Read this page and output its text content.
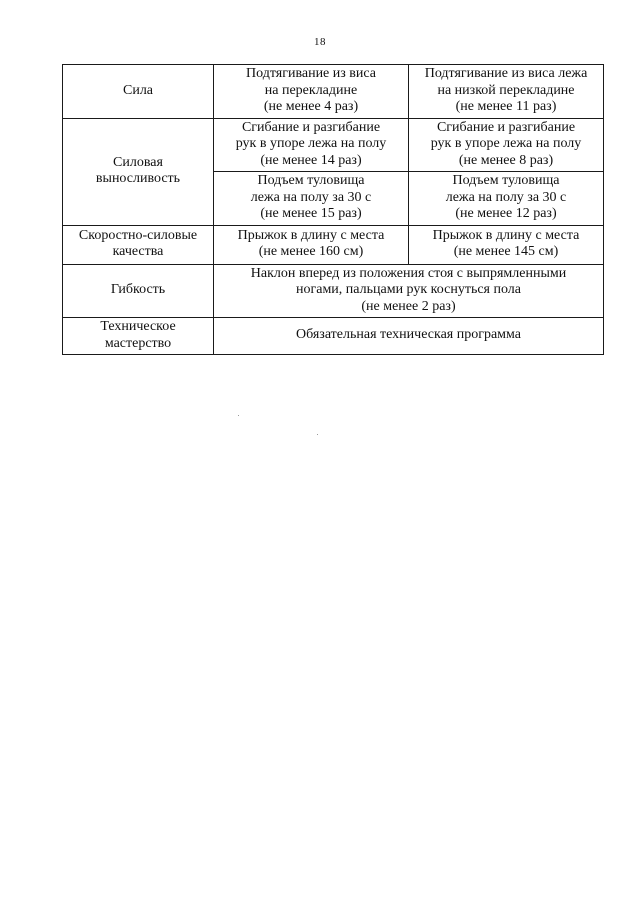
18
Сила	Подтягивание из виса
на перекладине
(не менее 4 раз)	Подтягивание из виса лежа
на низкой перекладине
(не менее 11 раз)

Силовая
выносливость	Сгибание и разгибание
рук в упоре лежа на полу
(не менее 14 раз)	Сгибание и разгибание
рук в упоре лежа на полу
(не менее 8 раз)

	Подъем туловища
лежа на полу за 30 с
(не менее 15 раз)	Подъем туловища
лежа на полу за 30 с
(не менее 12 раз)

Скоростно-силовые
качества	Прыжок в длину с места
(не менее 160 см)	Прыжок в длину с места
(не менее 145 см)

Гибкость	Наклон вперед из положения стоя с выпрямленными
ногами, пальцами рук коснуться пола
(не менее 2 раз)	

Техническое
мастерство	Обязательная техническая программа	
